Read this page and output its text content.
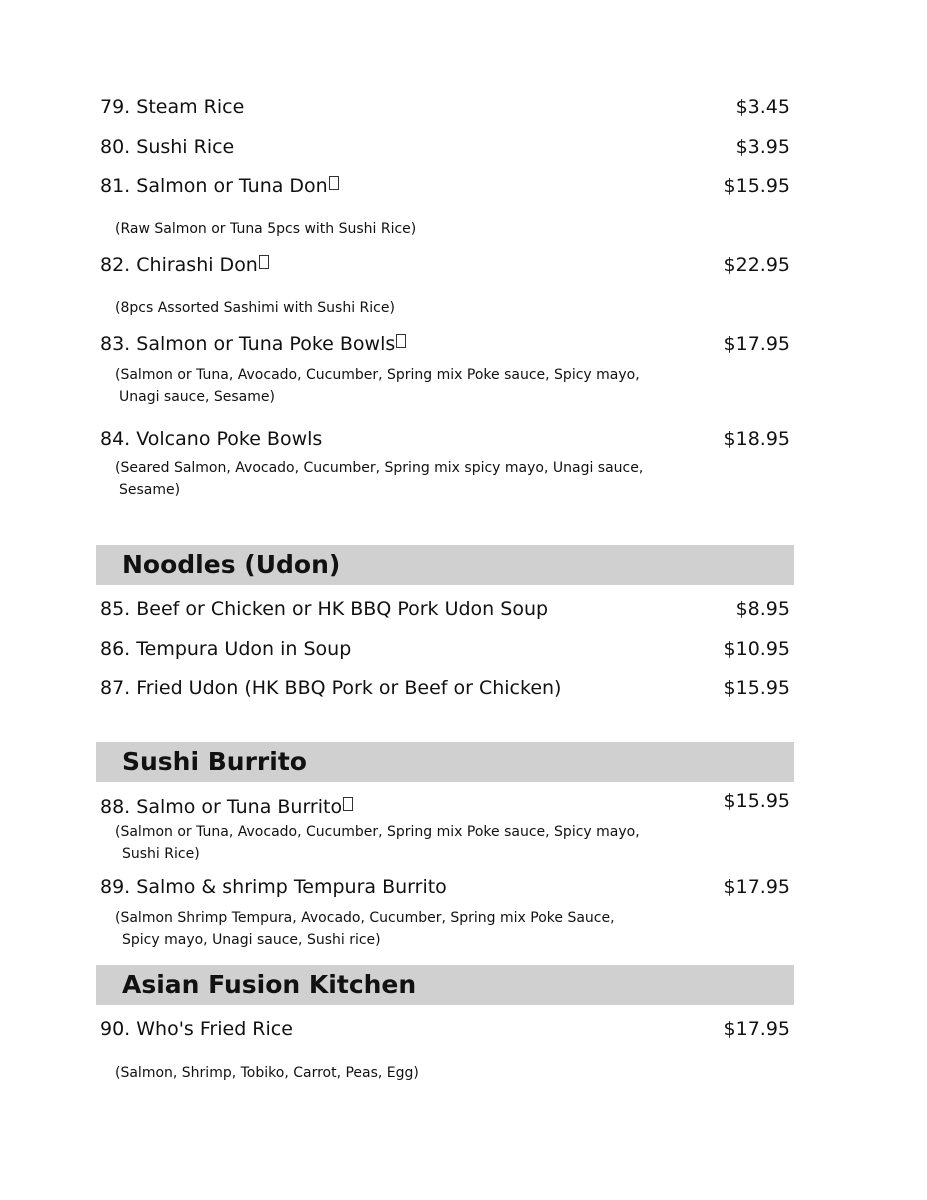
79. Steam Rice	$3.45
80. Sushi Rice	$3.95
81. Salmon or Tuna Don	$15.95
(Raw Salmon or Tuna 5pcs with Sushi Rice)
82. Chirashi Don	$22.95
(8pcs Assorted Sashimi with Sushi Rice)
83. Salmon or Tuna Poke Bowls	$17.95
(Salmon or Tuna, Avocado, Cucumber, Spring mix Poke sauce, Spicy mayo,
Unagi sauce, Sesame)
84. Volcano Poke Bowls	$18.95
(Seared Salmon, Avocado, Cucumber, Spring mix spicy mayo, Unagi sauce,
Sesame)
Noodles (Udon)
85. Beef or Chicken or HK BBQ Pork Udon Soup	$8.95
86. Tempura Udon in Soup	$10.95
87. Fried Udon (HK BBQ Pork or Beef or Chicken)	$15.95
Sushi Burrito
88. Salmo or Tuna Burrito	$15.95
(Salmon or Tuna, Avocado, Cucumber, Spring mix Poke sauce, Spicy mayo,
Sushi Rice)
89. Salmo & shrimp Tempura Burrito	$17.95
(Salmon Shrimp Tempura, Avocado, Cucumber, Spring mix Poke Sauce,
Spicy mayo, Unagi sauce, Sushi rice)
Asian Fusion Kitchen
90. Who's Fried Rice	$17.95
(Salmon, Shrimp, Tobiko, Carrot, Peas, Egg)
